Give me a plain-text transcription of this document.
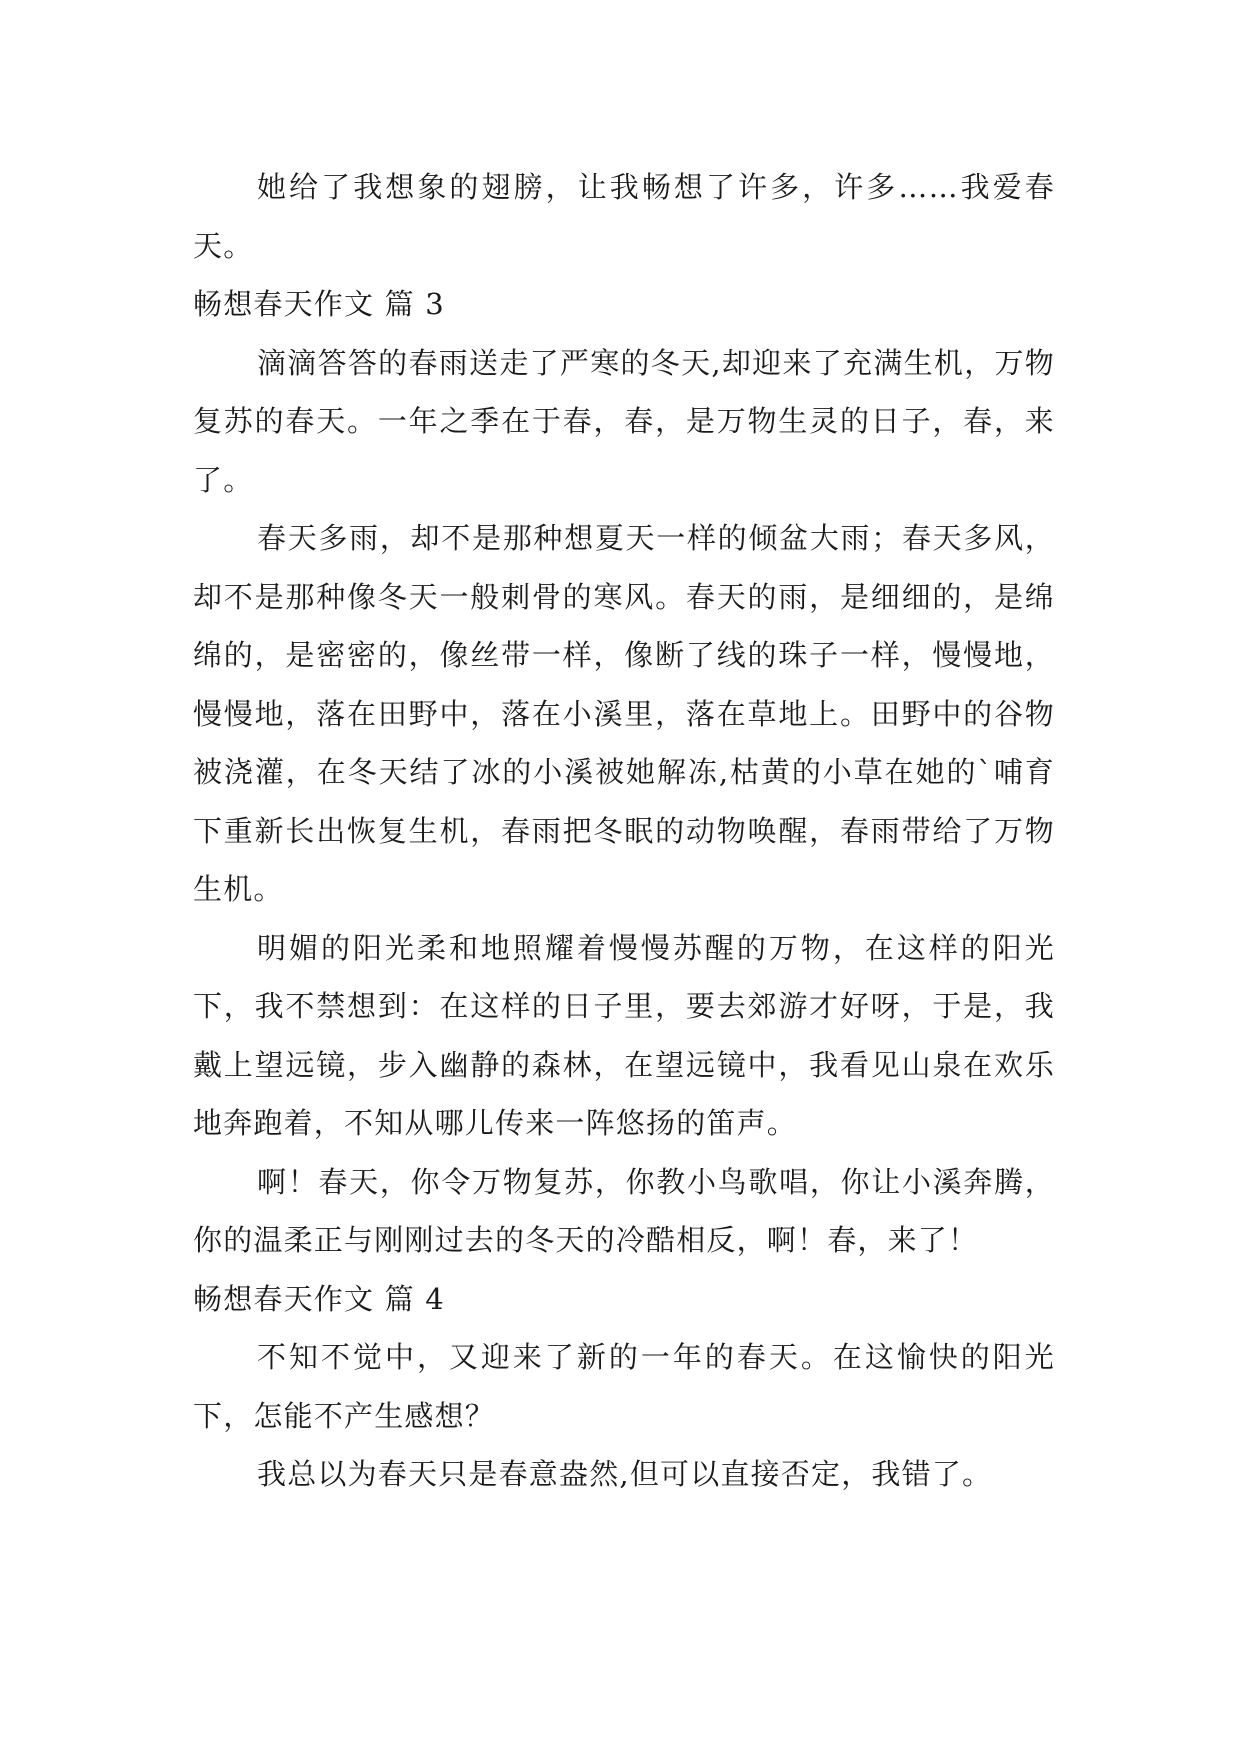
她给了我想象的翅膀，让我畅想了许多，许多……我爱春天。

畅想春天作文 篇 3

滴滴答答的春雨送走了严寒的冬天,却迎来了充满生机，万物复苏的春天。一年之季在于春，春，是万物生灵的日子，春，来了。

春天多雨，却不是那种想夏天一样的倾盆大雨；春天多风，却不是那种像冬天一般刺骨的寒风。春天的雨，是细细的，是绵绵的，是密密的，像丝带一样，像断了线的珠子一样，慢慢地，慢慢地，落在田野中，落在小溪里，落在草地上。田野中的谷物被浇灌，在冬天结了冰的小溪被她解冻,枯黄的小草在她的`哺育下重新长出恢复生机，春雨把冬眠的动物唤醒，春雨带给了万物生机。

明媚的阳光柔和地照耀着慢慢苏醒的万物，在这样的阳光下，我不禁想到：在这样的日子里，要去郊游才好呀，于是，我戴上望远镜，步入幽静的森林，在望远镜中，我看见山泉在欢乐地奔跑着，不知从哪儿传来一阵悠扬的笛声。

啊！春天，你令万物复苏，你教小鸟歌唱，你让小溪奔腾，你的温柔正与刚刚过去的冬天的冷酷相反，啊！春，来了！

畅想春天作文 篇 4

不知不觉中，又迎来了新的一年的春天。在这愉快的阳光下，怎能不产生感想？

我总以为春天只是春意盎然,但可以直接否定，我错了。
